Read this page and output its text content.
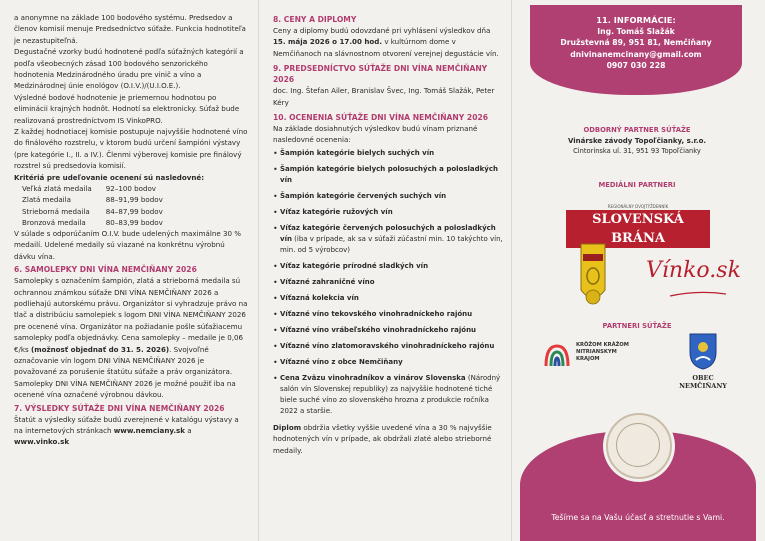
a anonymne na základe 100 bodového systému. Predsedov a členov komisií menuje Predsedníctvo súťaže. Funkcia hodnotiteľa je nezastupiteľná.

Degustačné vzorky budú hodnotené podľa súťažných kategórií a podľa všeobecných zásad 100 bodového senzorického hodnotenia Medzinárodného úradu pre vinič a víno a Medzinárodnej únie enológov (O.I.V.)/(U.I.O.E.).

Výsledné bodové hodnotenie je priemernou hodnotou po eliminácii krajných hodnôt. Hodnotí sa elektronicky. Súťaž bude realizovaná prostredníctvom IS VinkoPRO.

Z každej hodnotiacej komisie postupuje najvyššie hodnotené víno do finálového rozstrelu, v ktorom budú určení šampióni výstavy (pre kategórie I., II. a IV.). Členmi výberovej komisie pre finálový rozstrel sú predsedovia komisií.

Kritériá pre udeľovanie ocenení sú nasledovné:

Veľká zlatá medaila	92–100 bodov
Zlatá medaila	88–91,99 bodov
Strieborná medaila	84–87,99 bodov
Bronzová medaila	80–83,99 bodov

V súlade s odporúčaním O.I.V. bude udelených maximálne 30 % medailí. Udelené medaily sú viazané na konkrétnu výrobnú dávku vína.

6. SAMOLEPKY DNI VÍNA NEMČIŇANY 2026

Samolepky s označením šampión, zlatá a strieborná medaila sú ochrannou známkou súťaže DNI VÍNA NEMČIŇANY 2026 a podliehajú autorskému právu. Organizátor si vyhradzuje právo na tlač a distribúciu samolepiek s logom DNI VÍNA NEMČIŇANY 2026 pre ocenené vína. Organizátor na požiadanie pošle súťažiacemu samolepky podľa objednávky. Cena samolepky – medaile je 0,06 €/ks (možnosť objednať do 31. 5. 2026). Svojvoľné označovanie vín logom DNI VÍNA NEMČIŇANY 2026 je považované za porušenie štatútu súťaže a práv organizátora. Samolepky DNI VÍNA NEMČIŇANY 2026 je možné použiť iba na ocenené vína označené výrobnou dávkou.

7. VÝSLEDKY SÚŤAŽE DNI VÍNA NEMČIŇANY 2026

Štatút a výsledky súťaže budú zverejnené v katalógu výstavy a na internetových stránkach www.nemciany.sk a www.vinko.sk

8. CENY A DIPLOMY

Ceny a diplomy budú odovzdané pri vyhlásení výsledkov dňa 15. mája 2026 o 17.00 hod. v kultúrnom dome v Nemčiňanoch na slávnostnom otvorení verejnej degustácie vín.

9. PREDSEDNÍCTVO SÚŤAŽE DNI VÍNA NEMČIŇANY 2026

doc. Ing. Štefan Ailer, Branislav Švec, Ing. Tomáš Slažák, Peter Kéry

10. OCENENIA SÚŤAŽE DNI VÍNA NEMČIŇANY 2026

Na základe dosiahnutých výsledkov budú vínam priznané nasledovné ocenenia:

• Šampión kategórie bielych suchých vín
• Šampión kategórie bielych polosuchých a polosladkých vín
• Šampión kategórie červených suchých vín
• Víťaz kategórie ružových vín
• Víťaz kategórie červených polosuchých a polosladkých vín (iba v prípade, ak sa v súťaži zúčastní min. 10 takýchto vín, min. od 5 výrobcov)
• Víťaz kategórie prírodné sladkých vín
• Víťazné zahraničné víno
• Víťazná kolekcia vín
• Víťazné víno tekovského vinohradníckeho rajónu
• Víťazné víno vrábeľského vinohradníckeho rajónu
• Víťazné víno zlatomoravského vinohradníckeho rajónu
• Víťazné víno z obce Nemčiňany
• Cena Zväzu vinohradníkov a vinárov Slovenska (Národný salón vín Slovenskej republiky) za najvyššie hodnotené tiché biele suché víno zo slovenského hrozna z produkcie ročníka 2022 a staršie.

Diplom obdržia všetky vyššie uvedené vína a 30 % najvyššie hodnotených vín v prípade, ak obdržali zlaté alebo strieborné medaily.

11. INFORMÁCIE:
Ing. Tomáš Slažák
Družstevná 89, 951 81, Nemčiňany
dnivinanemcinany@gmail.com
0907 030 228
ODBORNÝ PARTNER SÚŤAŽE
Vinárske závody Topoľčianky, s.r.o.
Cintorínska ul. 31, 951 93 Topoľčianky
MEDIÁLNI PARTNERI
REGIONÁLNY DVOJTÝŽDENNÍK
SLOVENSKÁ BRÁNA
Vínko.sk
PARTNERI SÚŤAŽE
KRÔŽOM KRÁŽOM
NITRIANSKYM
KRAJOM
OBEC
NEMČIŇANY
Tešíme sa na Vašu účasť a stretnutie s Vami.
